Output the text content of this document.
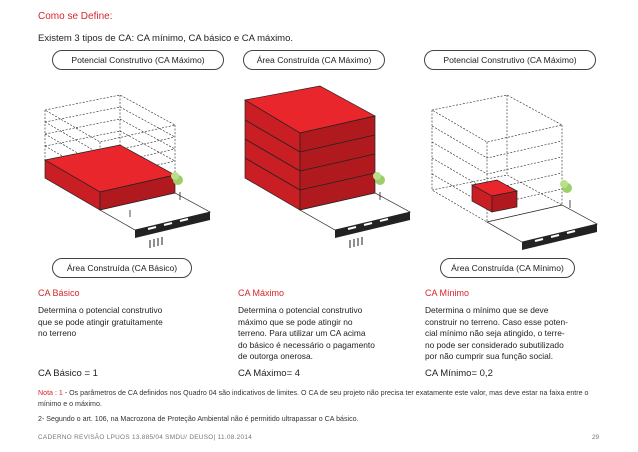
Como se Define:
Existem 3 tipos de CA: CA mínimo, CA básico e CA máximo.
Potencial Construtivo (CA Máximo)	Área Construída (CA Máximo)	Potencial Construtivo (CA Máximo)
Área Construída (CA Básico)	Área Construída (CA Mínimo)
CA Básico
Determina o potencial construtivo
que se pode atingir gratuitamente
no terreno
CA Básico = 1
CA Máximo
Determina o potencial construtivo
máximo que se pode atingir no
terreno. Para utilizar um CA acima
do básico é necessário o pagamento
de outorga onerosa.
CA Máximo= 4
CA Mínimo
Determina o mínimo que se deve
construir no terreno. Caso esse poten-
cial mínimo não seja atingido, o terre-
no pode ser considerado subutilizado
por não cumprir sua função social.
CA Mínimo= 0,2
Nota : 1 - Os parâmetros de CA definidos nos Quadro 04 são indicativos de limites. O CA de seu projeto não precisa ter exatamente este valor, mas deve estar na faixa entre o mínimo e o máximo.
2- Segundo o art. 106, na Macrozona de Proteção Ambiental não é permitido ultrapassar o CA básico.
CADERNO REVISÃO LPUOS 13.885/04 SMDU/ DEUSO| 11.08.2014	29
